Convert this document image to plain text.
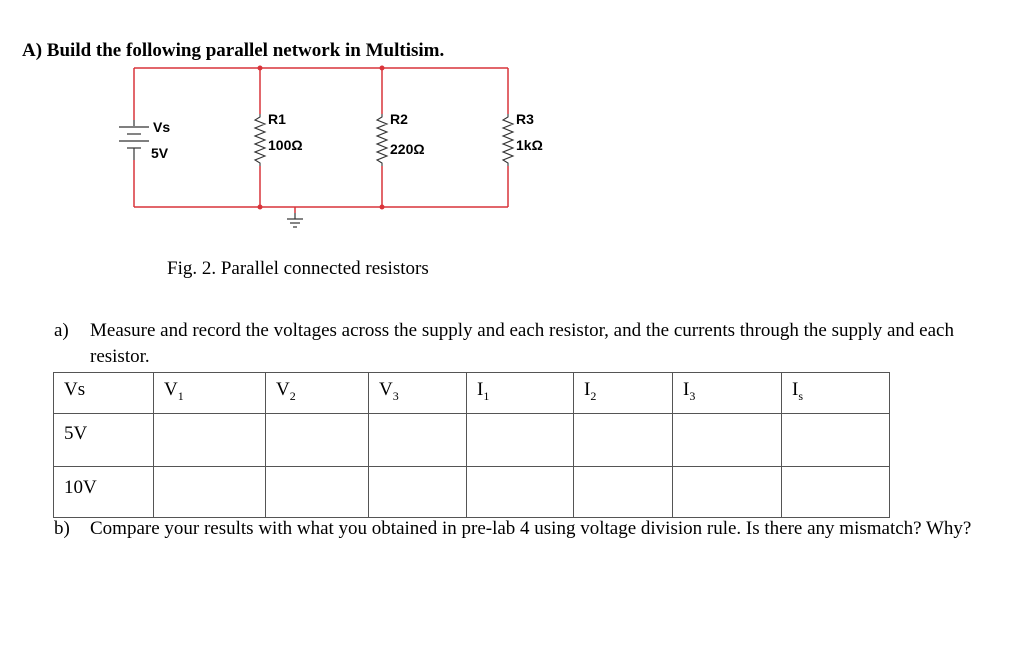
A) Build the following parallel network in Multisim.
Vs
5V
R1
100Ω
R2
220Ω
R3
1kΩ
Fig. 2. Parallel connected resistors
a) Measure and record the voltages across the supply and each resistor, and the currents through the supply and each resistor.
Vs	$V_1$	$V_2$	$V_3$	$I_1$	$I_2$	$I_3$	$I_s$
5V							
10V							
b) Compare your results with what you obtained in pre-lab 4 using voltage division rule. Is there any mismatch? Why?
